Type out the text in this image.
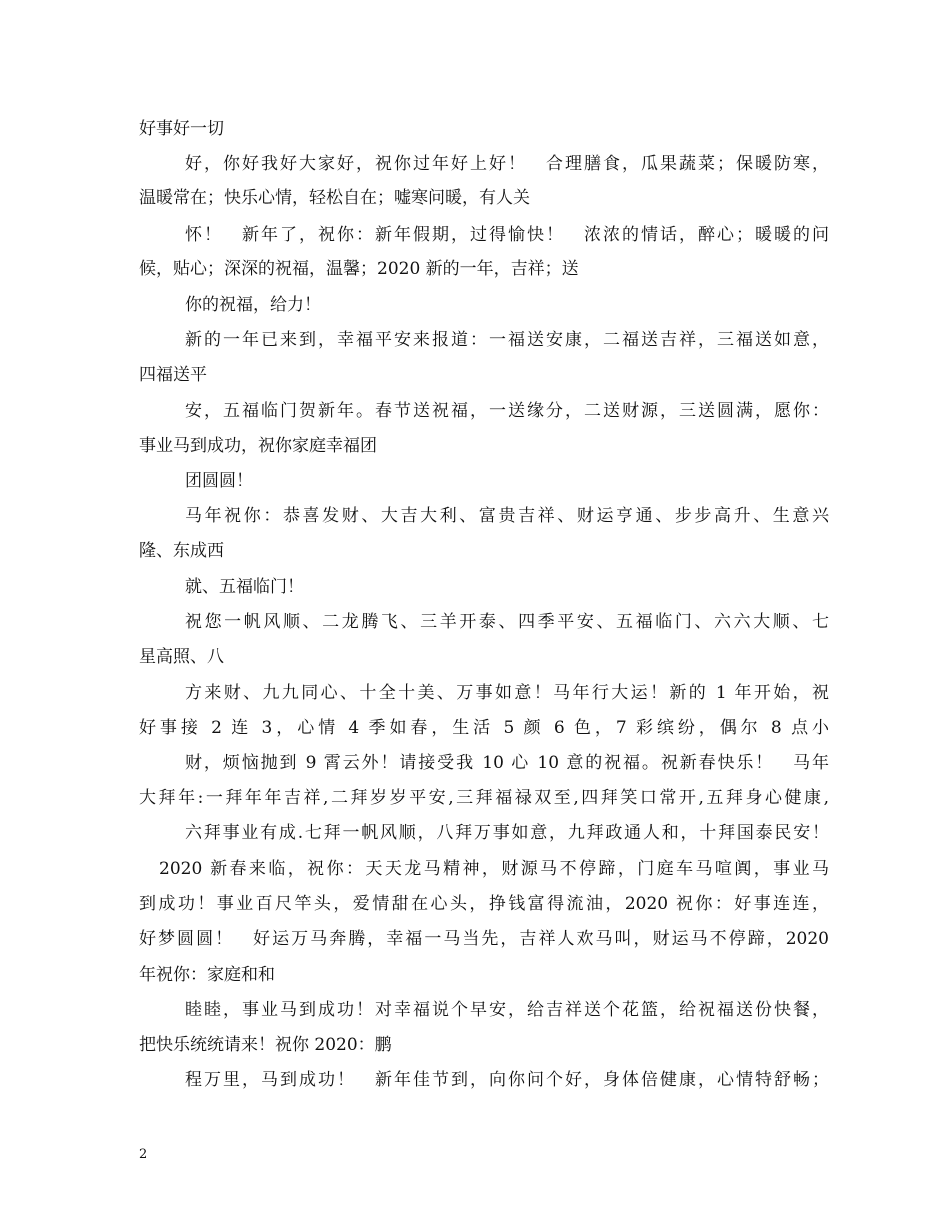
好事好一切
好，你好我好大家好，祝你过年好上好！　合理膳食，瓜果蔬菜；保暖防寒，
温暖常在；快乐心情，轻松自在；嘘寒问暖，有人关
怀！　新年了，祝你：新年假期，过得愉快！　浓浓的情话，醉心；暖暖的问
候，贴心；深深的祝福，温馨；2020 新的一年，吉祥；送
你的祝福，给力！
新的一年已来到，幸福平安来报道：一福送安康，二福送吉祥，三福送如意，
四福送平
安，五福临门贺新年。春节送祝福，一送缘分，二送财源，三送圆满，愿你：
事业马到成功，祝你家庭幸福团
团圆圆！
马年祝你：恭喜发财、大吉大利、富贵吉祥、财运亨通、步步高升、生意兴
隆、东成西
就、五福临门！
祝您一帆风顺、二龙腾飞、三羊开泰、四季平安、五福临门、六六大顺、七
星高照、八
方来财、九九同心、十全十美、万事如意！马年行大运！新的 1 年开始，祝
好事接 2 连 3，心情 4 季如春，生活 5 颜 6 色，7 彩缤纷，偶尔 8 点小
财，烦恼抛到 9 霄云外！请接受我 10 心 10 意的祝福。祝新春快乐！　马年
大拜年:一拜年年吉祥,二拜岁岁平安,三拜福禄双至,四拜笑口常开,五拜身心健康,
六拜事业有成.七拜一帆风顺，八拜万事如意，九拜政通人和，十拜国泰民安！
2020 新春来临，祝你：天天龙马精神，财源马不停蹄，门庭车马喧阗，事业马
到成功！事业百尺竿头，爱情甜在心头，挣钱富得流油，2020 祝你：好事连连，
好梦圆圆！　好运万马奔腾，幸福一马当先，吉祥人欢马叫，财运马不停蹄，2020
年祝你：家庭和和
睦睦，事业马到成功！对幸福说个早安，给吉祥送个花篮，给祝福送份快餐，
把快乐统统请来！祝你 2020：鹏
程万里，马到成功！　新年佳节到，向你问个好，身体倍健康，心情特舒畅；
2
